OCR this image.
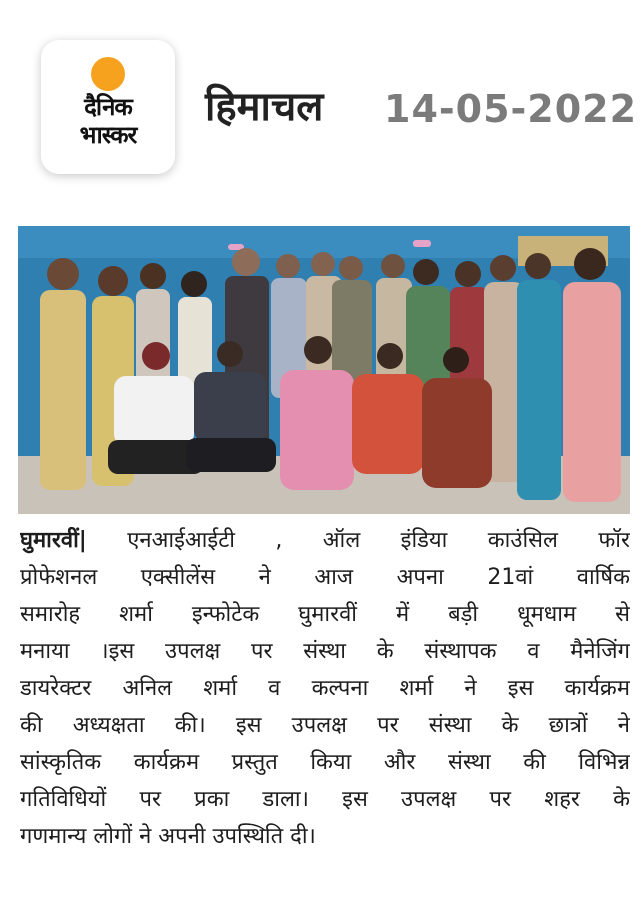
दैनिक
भास्कर
हिमाचल 14-05-2022
घुमारवीं| एनआईआईटी , ऑल इंडिया काउंसिल फॉर
प्रोफेशनल एक्सीलेंस ने आज अपना 21वां वार्षिक
समारोह शर्मा इन्फोटेक घुमारवीं में बड़ी धूमधाम से
मनाया ।इस उपलक्ष पर संस्था के संस्थापक व मैनेजिंग
डायरेक्टर अनिल शर्मा व कल्पना शर्मा ने इस कार्यक्रम
की अध्यक्षता की। इस उपलक्ष पर संस्था के छात्रों ने
सांस्कृतिक कार्यक्रम प्रस्तुत किया और संस्था की विभिन्न
गतिविधियों पर प्रका डाला। इस उपलक्ष पर शहर के
गणमान्य लोगों ने अपनी उपस्थिति दी।
